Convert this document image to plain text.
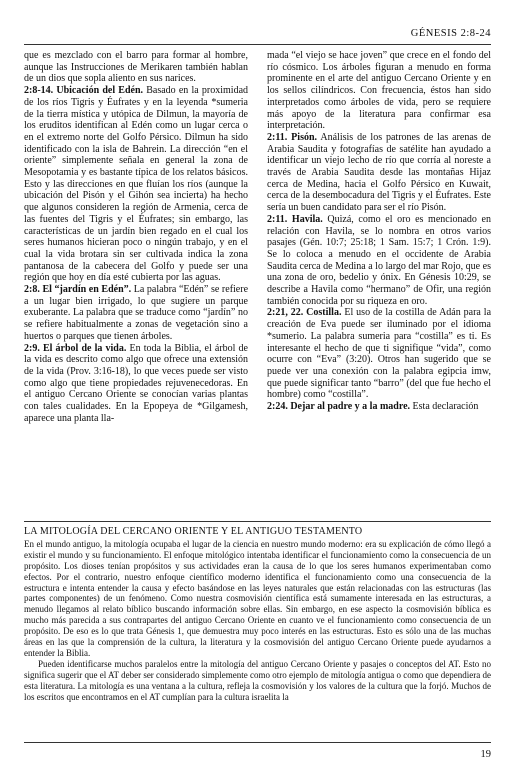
GÉNESIS 2:8-24

que es mezclado con el barro para formar al hombre, aunque las Instrucciones de Merikaren también hablan de un dios que sopla aliento en sus narices.

2:8-14. Ubicación del Edén. Basado en la proximidad de los ríos Tigris y Éufrates y en la leyenda *sumeria de la tierra mística y utópica de Dilmun, la mayoría de los eruditos identifican al Edén como un lugar cerca o en el extremo norte del Golfo Pérsico. Dilmun ha sido identificado con la isla de Bahrein. La dirección “en el oriente” simplemente señala en general la zona de Mesopotamia y es bastante típica de los relatos básicos. Esto y las direcciones en que fluían los ríos (aunque la ubicación del Pisón y el Gihón sea incierta) ha hecho que algunos consideren la región de Armenia, cerca de las fuentes del Tigris y el Éufrates; sin embargo, las características de un jardín bien regado en el cual los seres humanos hicieran poco o ningún trabajo, y en el cual la vida brotara sin ser cultivada indica la zona pantanosa de la cabecera del Golfo y puede ser una región que hoy en día esté cubierta por las aguas.

2:8. El “jardín en Edén”. La palabra “Edén” se refiere a un lugar bien irrigado, lo que sugiere un parque exuberante. La palabra que se traduce como “jardín” no se refiere habitualmente a zonas de vegetación sino a huertos o parques que tienen árboles.

2:9. El árbol de la vida. En toda la Biblia, el árbol de la vida es descrito como algo que ofrece una extensión de la vida (Prov. 3:16-18), lo que veces puede ser visto como algo que tiene propiedades rejuvenecedoras. En el antiguo Cercano Oriente se conocían varias plantas con tales cualidades. En la Epopeya de *Gilgamesh, aparece una planta lla-

mada “el viejo se hace joven” que crece en el fondo del río cósmico. Los árboles figuran a menudo en forma prominente en el arte del antiguo Cercano Oriente y en los sellos cilíndricos. Con frecuencia, éstos han sido interpretados como árboles de vida, pero se requiere más apoyo de la literatura para confirmar esa interpretación.

2:11. Pisón. Análisis de los patrones de las arenas de Arabia Saudita y fotografías de satélite han ayudado a identificar un viejo lecho de río que corría al noreste a través de Arabia Saudita desde las montañas Hijaz cerca de Medina, hacia el Golfo Pérsico en Kuwait, cerca de la desembocadura del Tigris y el Éufrates. Este sería un buen candidato para ser el río Pisón.

2:11. Havila. Quizá, como el oro es mencionado en relación con Havila, se lo nombra en otros varios pasajes (Gén. 10:7; 25:18; 1 Sam. 15:7; 1 Crón. 1:9). Se lo coloca a menudo en el occidente de Arabia Saudita cerca de Medina a lo largo del mar Rojo, que es una zona de oro, bedelio y ónix. En Génesis 10:29, se describe a Havila como “hermano” de Ofir, una región también conocida por su riqueza en oro.

2:21, 22. Costilla. El uso de la costilla de Adán para la creación de Eva puede ser iluminado por el idioma *sumerio. La palabra sumeria para “costilla” es ti. Es interesante el hecho de que ti signifique “vida”, como ocurre con “Eva” (3:20). Otros han sugerido que se puede ver una conexión con la palabra egipcia imw, que puede significar tanto “barro” (del que fue hecho el hombre) como “costilla”.

2:24. Dejar al padre y a la madre. Esta declaración

LA MITOLOGÍA DEL CERCANO ORIENTE Y EL ANTIGUO TESTAMENTO

En el mundo antiguo, la mitología ocupaba el lugar de la ciencia en nuestro mundo moderno: era su explicación de cómo llegó a existir el mundo y su funcionamiento. El enfoque mitológico intentaba identificar el funcionamiento como la consecuencia de un propósito. Los dioses tenían propósitos y sus actividades eran la causa de lo que los seres humanos experimentaban como efectos. Por el contrario, nuestro enfoque científico moderno identifica el funcionamiento como una consecuencia de la estructura e intenta entender la causa y efecto basándose en las leyes naturales que están relacionadas con las estructuras (las partes componentes) de un fenómeno. Como nuestra cosmovisión científica está sumamente interesada en las estructuras, a menudo llegamos al relato bíblico buscando información sobre ellas. Sin embargo, en ese aspecto la cosmovisión bíblica es mucho más parecida a sus contrapartes del antiguo Cercano Oriente en cuanto ve el funcionamiento como consecuencia de un propósito. De eso es lo que trata Génesis 1, que demuestra muy poco interés en las estructuras. Esto es sólo una de las muchas áreas en las que la comprensión de la cultura, la literatura y la cosmovisión del antiguo Cercano Oriente puede ayudarnos a entender la Biblia.

Pueden identificarse muchos paralelos entre la mitología del antiguo Cercano Oriente y pasajes o conceptos del AT. Esto no significa sugerir que el AT deber ser considerado simplemente como otro ejemplo de mitología antigua o como que dependiera de esta literatura. La mitología es una ventana a la cultura, refleja la cosmovisión y los valores de la cultura que la forjó. Muchos de los escritos que encontramos en el AT cumplían para la cultura israelita la

19
